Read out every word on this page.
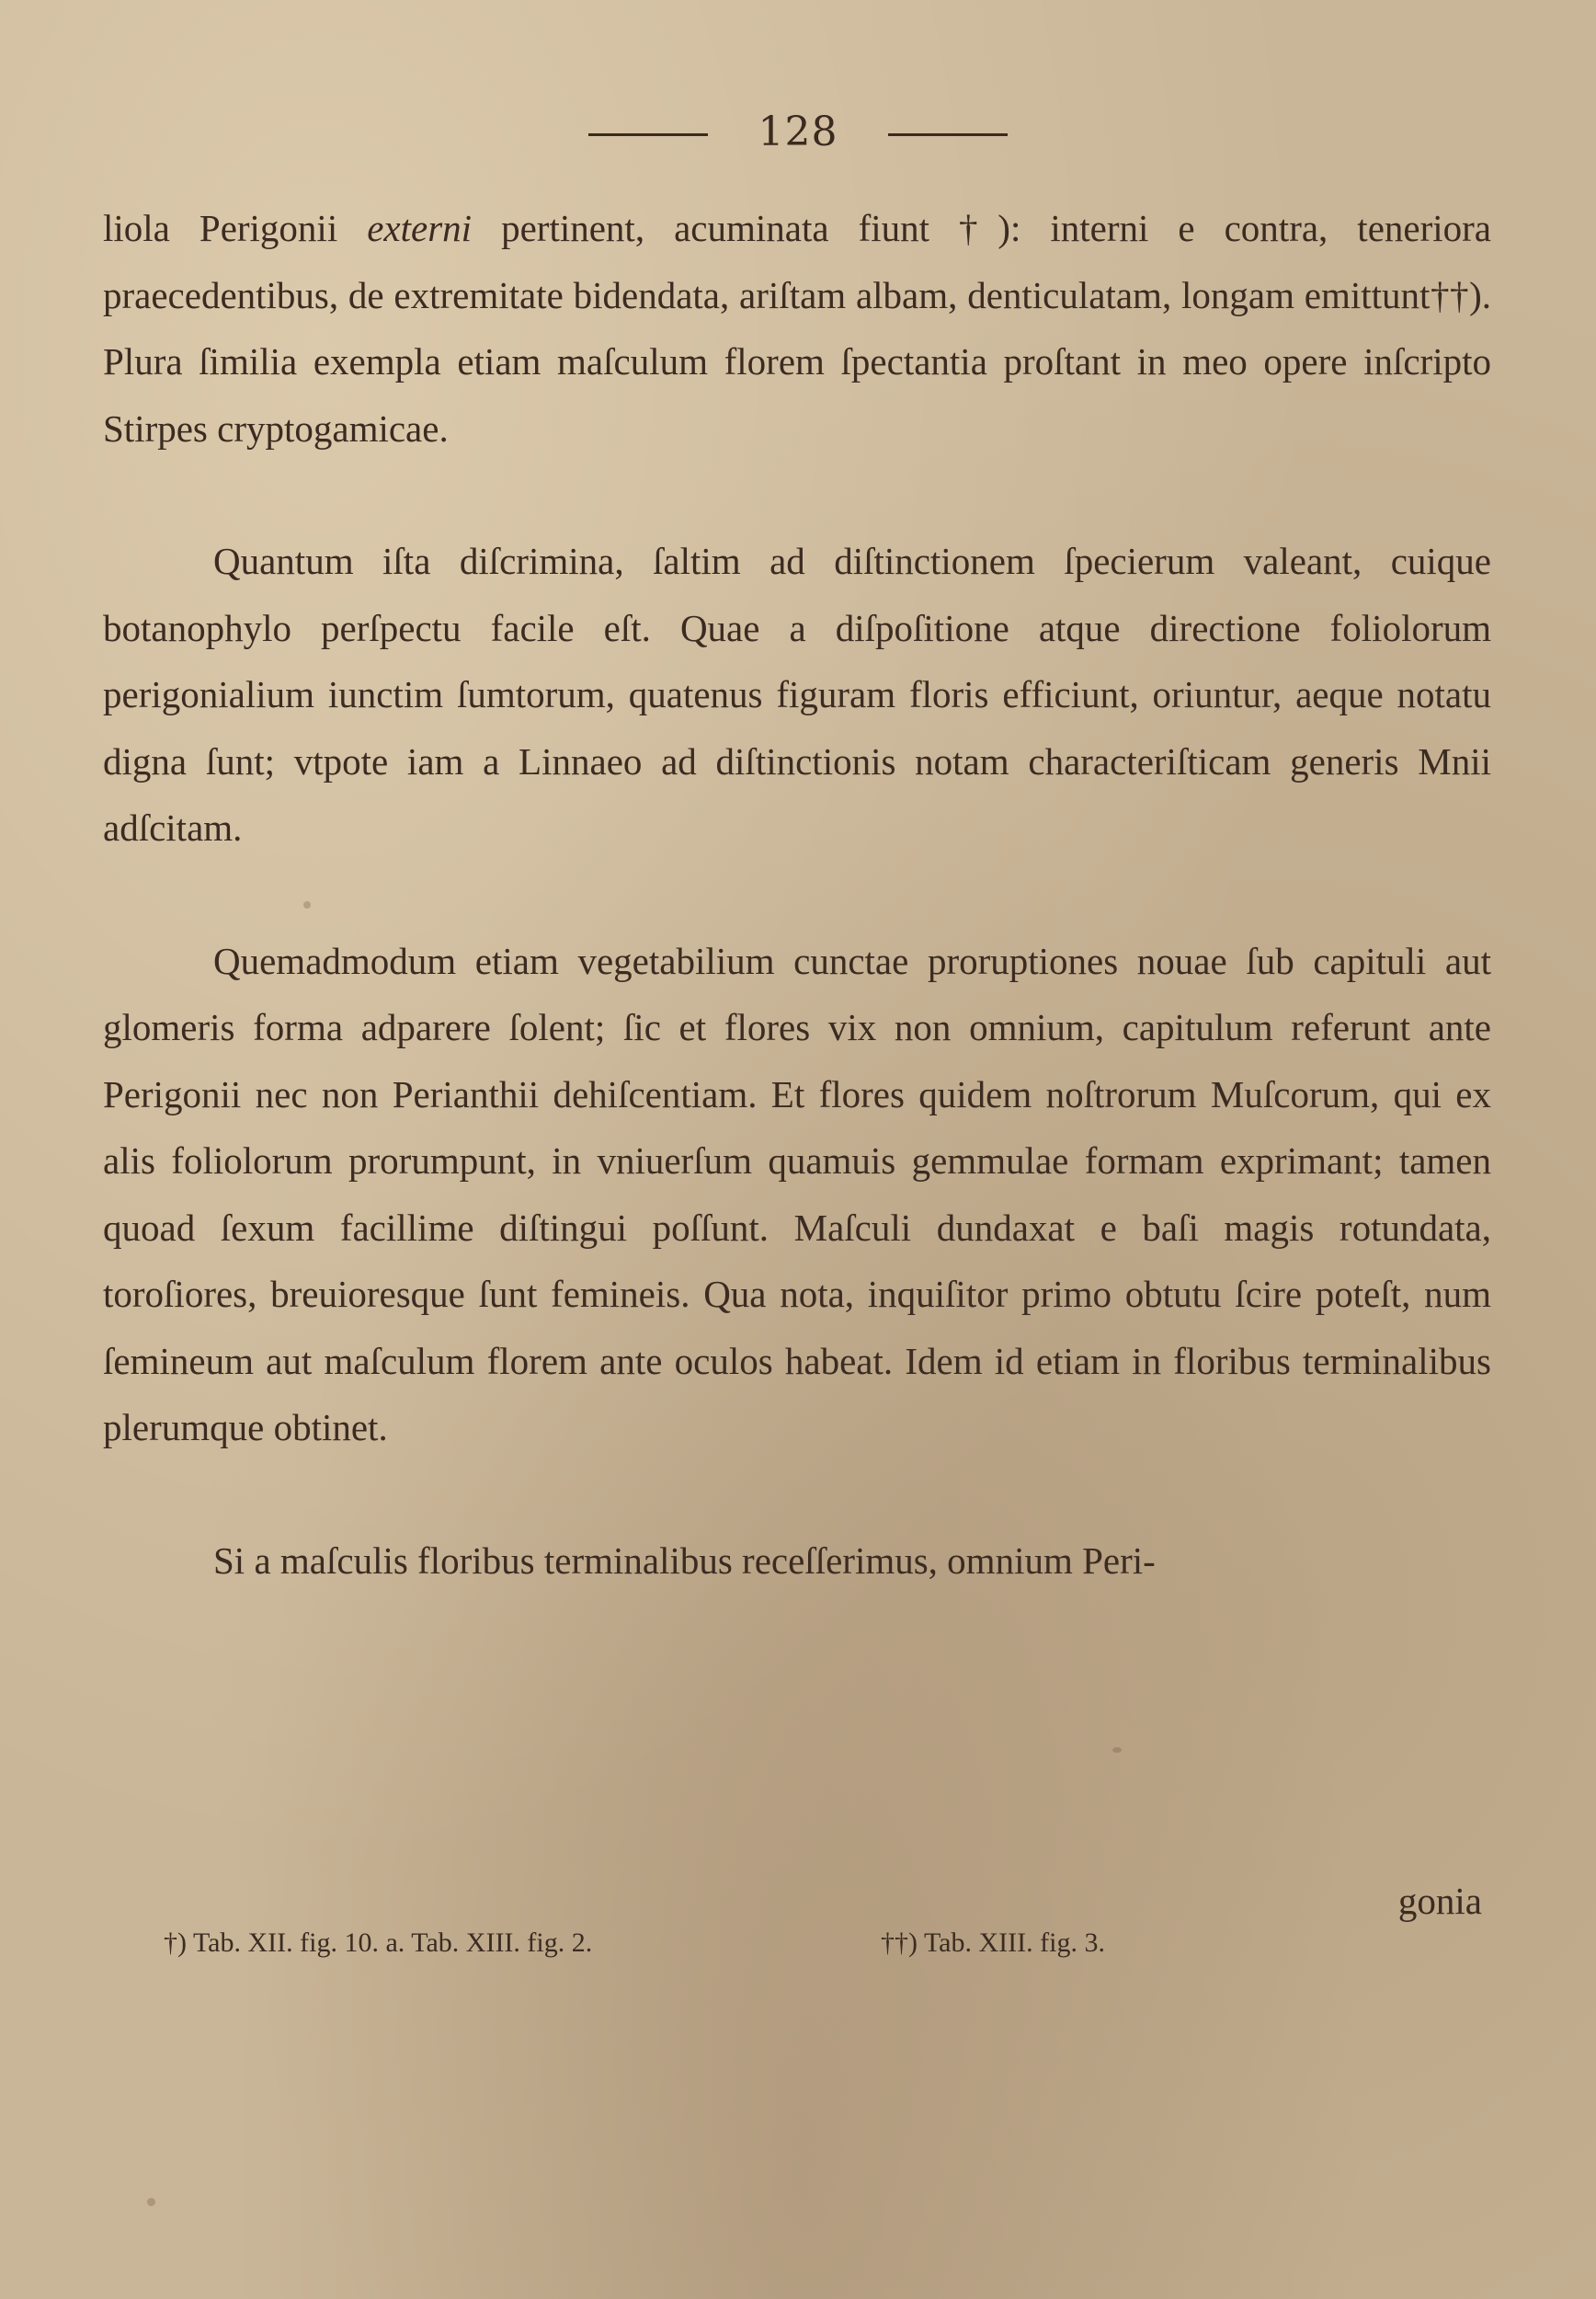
128

liola Perigonii externi pertinent, acuminata fiunt †): interni e contra, teneriora praecedentibus, de extremitate bidendata, ariſtam albam, denticulatam, longam emittunt††). Plura ſimilia exempla etiam maſculum florem ſpectantia proſtant in meo opere inſcripto Stirpes cryptogamicae.

Quantum iſta diſcrimina, ſaltim ad diſtinctionem ſpecierum valeant, cuique botanophylo perſpectu facile eſt. Quae a diſpoſitione atque directione foliolorum perigonialium iunctim ſumtorum, quatenus figuram floris efficiunt, oriuntur, aeque notatu digna ſunt; vtpote iam a Linnaeo ad diſtinctionis notam characteriſticam generis Mnii adſcitam.

Quemadmodum etiam vegetabilium cunctae proruptiones nouae ſub capituli aut glomeris forma adparere ſolent; ſic et flores vix non omnium, capitulum referunt ante Perigonii nec non Perianthii dehiſcentiam. Et flores quidem noſtrorum Muſcorum, qui ex alis foliolorum prorumpunt, in vniuerſum quamuis gemmulae formam exprimant; tamen quoad ſexum facillime diſtingui poſſunt. Maſculi dundaxat e baſi magis rotundata, toroſiores, breuioresque ſunt femineis. Qua nota, inquiſitor primo obtutu ſcire poteſt, num ſemineum aut maſculum florem ante oculos habeat. Idem id etiam in floribus terminalibus plerumque obtinet.

Si a maſculis floribus terminalibus receſſerimus, omnium Peri-

gonia
†) Tab. XII. fig. 10. a. Tab. XIII. fig. 2.	††) Tab. XIII. fig. 3.
